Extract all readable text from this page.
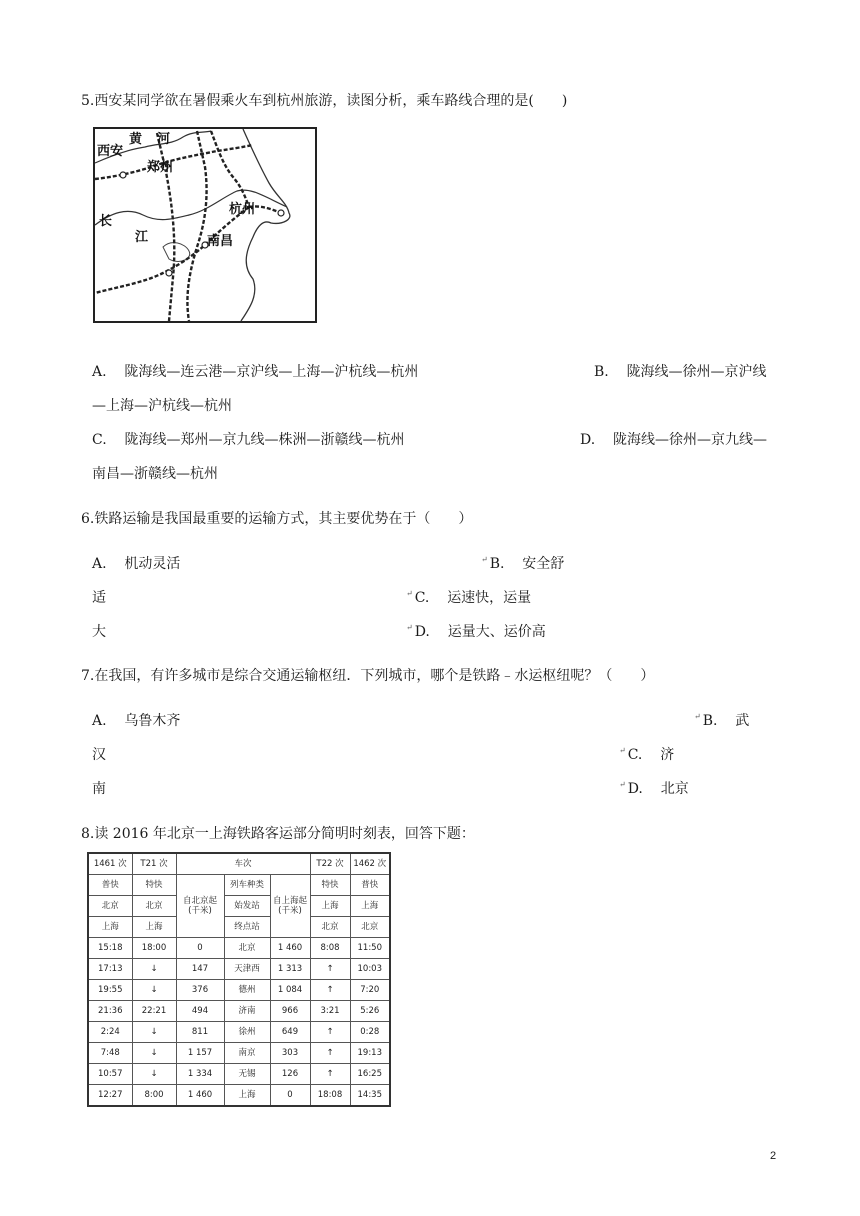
5.西安某同学欲在暑假乘火车到杭州旅游，读图分析，乘车路线合理的是(　　)
黄 河
西安
郑州
长
江	南昌
杭州
A. 陇海线—连云港—京沪线—上海—沪杭线—杭州	B. 陇海线—徐州—京沪线
—上海—沪杭线—杭州
C. 陇海线—郑州—京九线—株洲—浙赣线—杭州	D. 陇海线—徐州—京九线—
南昌—浙赣线—杭州
6.铁路运输是我国最重要的运输方式，其主要优势在于（　　）
A. 机动灵活	↵ B. 安全舒
适	↵ C. 运速快，运量
大	↵ D. 运量大、运价高
7.在我国，有许多城市是综合交通运输枢纽．下列城市，哪个是铁路﹣水运枢纽呢？（　　）
A. 乌鲁木齐	↵ B. 武
汉	↵ C. 济
南	↵ D. 北京
8.读 2016 年北京一上海铁路客运部分简明时刻表，回答下题：
1461 次	T21 次	车次			T22 次	1462 次
普快	特快	自北京起(千米)	列车种类	自上海起(千米)	特快	普快
北京	北京		始发站		上海	上海
上海	上海		终点站		北京	北京
15:18	18:00	0	北京	1 460	8:08	11:50
17:13	↓	147	天津西	1 313	↑	10:03
19:55	↓	376	德州	1 084	↑	7:20
21:36	22:21	494	济南	966	3:21	5:26
2:24	↓	811	徐州	649	↑	0:28
7:48	↓	1 157	南京	303	↑	19:13
10:57	↓	1 334	无锡	126	↑	16:25
12:27	8:00	1 460	上海	0	18:08	14:35
2
